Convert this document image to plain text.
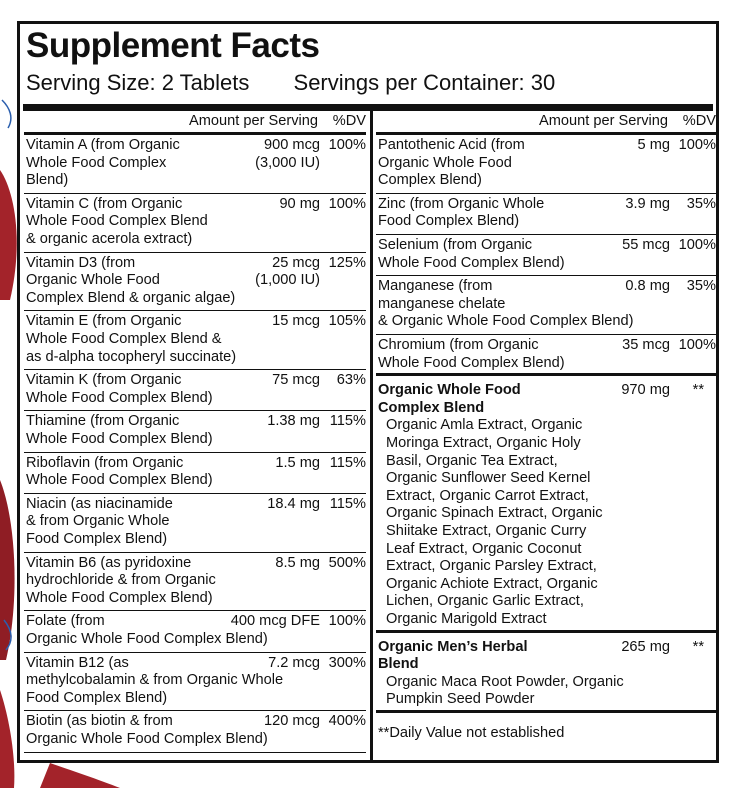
Supplement Facts
Serving Size: 2 Tablets Servings per Container: 30
Amount per Serving	%DV
Vitamin A (from Organic
Whole Food Complex
Blend)
900 mcg
(3,000 IU)
100%
Vitamin C (from Organic
Whole Food Complex Blend
& organic acerola extract)
90 mg 100%
Vitamin D3 (from
Organic Whole Food
Complex Blend & organic algae)
25 mcg
(1,000 IU)
125%
Vitamin E (from Organic
Whole Food Complex Blend &
as d-alpha tocopheryl succinate)
15 mcg 105%
Vitamin K (from Organic
Whole Food Complex Blend)
75 mcg 63%
Thiamine (from Organic
Whole Food Complex Blend)
1.38 mg 115%
Riboflavin (from Organic
Whole Food Complex Blend)
1.5 mg 115%
Niacin (as niacinamide
& from Organic Whole
Food Complex Blend)
18.4 mg 115%
Vitamin B6 (as pyridoxine
hydrochloride & from Organic
Whole Food Complex Blend)
8.5 mg 500%
Folate (from
Organic Whole Food Complex Blend)
400 mcg DFE 100%
Vitamin B12 (as
methylcobalamin & from Organic Whole
Food Complex Blend)
7.2 mcg 300%
Biotin (as biotin & from
Organic Whole Food Complex Blend)
120 mcg 400%
Amount per Serving	%DV
Pantothenic Acid (from
Organic Whole Food
Complex Blend)
5 mg 100%
Zinc (from Organic Whole
Food Complex Blend)
3.9 mg 35%
Selenium (from Organic
Whole Food Complex Blend)
55 mcg 100%
Manganese (from
manganese chelate
& Organic Whole Food Complex Blend)
0.8 mg 35%
Chromium (from Organic
Whole Food Complex Blend)
35 mcg 100%
Organic Whole Food
Complex Blend
970 mg **
Organic Amla Extract, Organic
Moringa Extract, Organic Holy
Basil, Organic Tea Extract,
Organic Sunflower Seed Kernel
Extract, Organic Carrot Extract,
Organic Spinach Extract, Organic
Shiitake Extract, Organic Curry
Leaf Extract, Organic Coconut
Extract, Organic Parsley Extract,
Organic Achiote Extract, Organic
Lichen, Organic Garlic Extract,
Organic Marigold Extract
Organic Men’s Herbal
Blend
265 mg **
Organic Maca Root Powder, Organic
Pumpkin Seed Powder
**Daily Value not established
